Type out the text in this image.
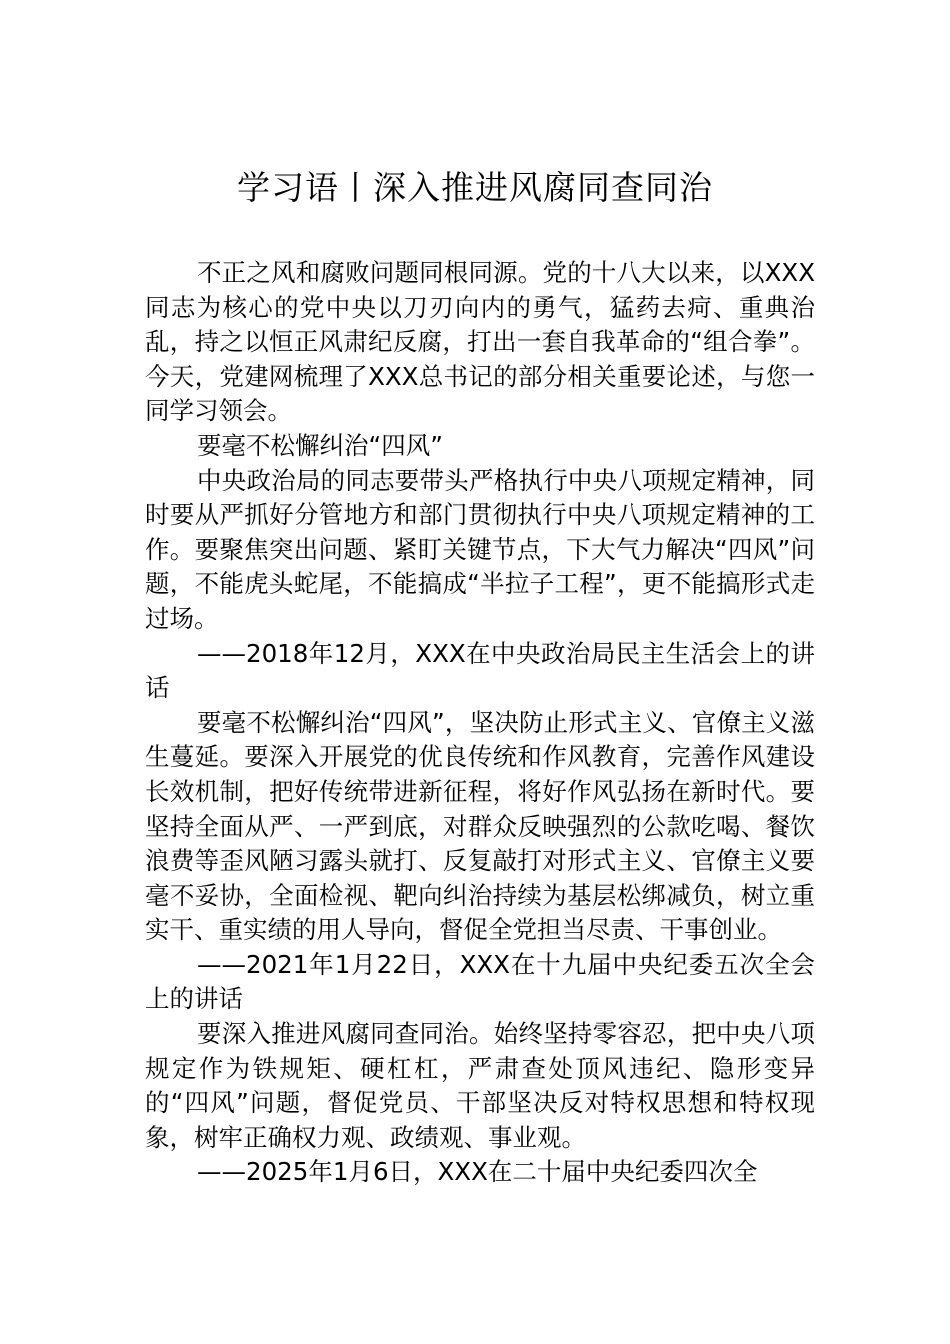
学习语丨深入推进风腐同查同治

不正之风和腐败问题同根同源。党的十八大以来，以XXX同志为核心的党中央以刀刃向内的勇气，猛药去疴、重典治乱，持之以恒正风肃纪反腐，打出一套自我革命的“组合拳”。今天，党建网梳理了XXX总书记的部分相关重要论述，与您一同学习领会。

要毫不松懈纠治“四风”

中央政治局的同志要带头严格执行中央八项规定精神，同时要从严抓好分管地方和部门贯彻执行中央八项规定精神的工作。要聚焦突出问题、紧盯关键节点，下大气力解决“四风”问题，不能虎头蛇尾，不能搞成“半拉子工程”，更不能搞形式走过场。

——2018年12月，XXX在中央政治局民主生活会上的讲话

要毫不松懈纠治“四风”，坚决防止形式主义、官僚主义滋生蔓延。要深入开展党的优良传统和作风教育，完善作风建设长效机制，把好传统带进新征程，将好作风弘扬在新时代。要坚持全面从严、一严到底，对群众反映强烈的公款吃喝、餐饮浪费等歪风陋习露头就打、反复敲打对形式主义、官僚主义要毫不妥协，全面检视、靶向纠治持续为基层松绑减负，树立重实干、重实绩的用人导向，督促全党担当尽责、干事创业。

——2021年1月22日，XXX在十九届中央纪委五次全会上的讲话

要深入推进风腐同查同治。始终坚持零容忍，把中央八项规定作为铁规矩、硬杠杠，严肃查处顶风违纪、隐形变异的“四风”问题，督促党员、干部坚决反对特权思想和特权现象，树牢正确权力观、政绩观、事业观。

——2025年1月6日，XXX在二十届中央纪委四次全
